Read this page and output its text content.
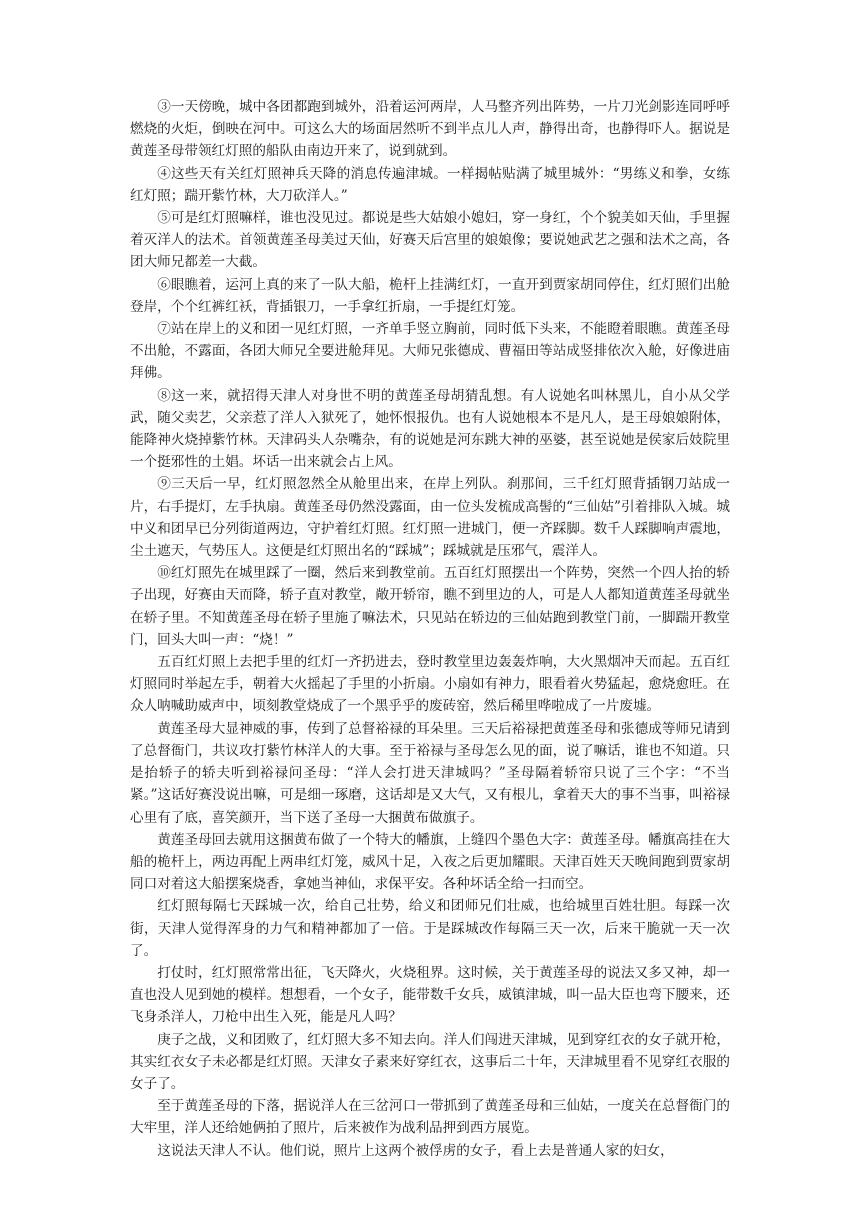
③一天傍晚，城中各团都跑到城外，沿着运河两岸，人马整齐列出阵势，一片刀光剑影连同呼呼燃烧的火炬，倒映在河中。可这么大的场面居然听不到半点儿人声，静得出奇，也静得吓人。据说是黄莲圣母带领红灯照的船队由南边开来了，说到就到。

④这些天有关红灯照神兵天降的消息传遍津城。一样揭帖贴满了城里城外：“男练义和拳，女练红灯照；踹开紫竹林，大刀砍洋人。”

⑤可是红灯照嘛样，谁也没见过。都说是些大姑娘小媳妇，穿一身红，个个貌美如天仙，手里握着灭洋人的法术。首领黄莲圣母美过天仙，好赛天后宫里的娘娘像；要说她武艺之强和法术之高，各团大师兄都差一大截。

⑥眼瞧着，运河上真的来了一队大船，桅杆上挂满红灯，一直开到贾家胡同停住，红灯照们出舱登岸，个个红裤红袄，背插银刀，一手拿红折扇，一手提红灯笼。

⑦站在岸上的义和团一见红灯照，一齐单手竖立胸前，同时低下头来，不能瞪着眼瞧。黄莲圣母不出舱，不露面，各团大师兄全要进舱拜见。大师兄张德成、曹福田等站成竖排依次入舱，好像进庙拜佛。

⑧这一来，就招得天津人对身世不明的黄莲圣母胡猜乱想。有人说她名叫林黑儿，自小从父学武，随父卖艺，父亲惹了洋人入狱死了，她怀恨报仇。也有人说她根本不是凡人，是王母娘娘附体，能降神火烧掉紫竹林。天津码头人杂嘴杂，有的说她是河东跳大神的巫婆，甚至说她是侯家后妓院里一个挺邪性的土娼。坏话一出来就会占上风。

⑨三天后一早，红灯照忽然全从舱里出来，在岸上列队。刹那间，三千红灯照背插钢刀站成一片，右手提灯，左手执扇。黄莲圣母仍然没露面，由一位头发梳成高髻的“三仙姑”引着排队入城。城中义和团早已分列街道两边，守护着红灯照。红灯照一进城门，便一齐踩脚。数千人踩脚响声震地，尘土遮天，气势压人。这便是红灯照出名的“踩城”；踩城就是压邪气，震洋人。

⑩红灯照先在城里踩了一圈，然后来到教堂前。五百红灯照摆出一个阵势，突然一个四人抬的轿子出现，好赛由天而降，轿子直对教堂，敞开轿帘，瞧不到里边的人，可是人人都知道黄莲圣母就坐在轿子里。不知黄莲圣母在轿子里施了嘛法术，只见站在轿边的三仙姑跑到教堂门前，一脚踹开教堂门，回头大叫一声：“烧！”

五百红灯照上去把手里的红灯一齐扔进去，登时教堂里边轰轰炸响，大火黑烟冲天而起。五百红灯照同时举起左手，朝着大火摇起了手里的小折扇。小扇如有神力，眼看着火势猛起，愈烧愈旺。在众人呐喊助威声中，顷刻教堂烧成了一个黑乎乎的废砖窑，然后稀里哗啦成了一片废墟。

黄莲圣母大显神威的事，传到了总督裕禄的耳朵里。三天后裕禄把黄莲圣母和张德成等师兄请到了总督衙门，共议攻打紫竹林洋人的大事。至于裕禄与圣母怎么见的面，说了嘛话，谁也不知道。只是抬轿子的轿夫听到裕禄问圣母：“洋人会打进天津城吗？”圣母隔着轿帘只说了三个字：“不当紧。”这话好赛没说出嘛，可是细一琢磨，这话却是又大气，又有根儿，拿着天大的事不当事，叫裕禄心里有了底，喜笑颜开，当下送了圣母一大捆黄布做旗子。

黄莲圣母回去就用这捆黄布做了一个特大的幡旗，上缝四个墨色大字：黄莲圣母。幡旗高挂在大船的桅杆上，两边再配上两串红灯笼，威风十足，入夜之后更加耀眼。天津百姓天天晚间跑到贾家胡同口对着这大船摆案烧香，拿她当神仙，求保平安。各种坏话全给一扫而空。

红灯照每隔七天踩城一次，给自己壮势，给义和团师兄们壮威，也给城里百姓壮胆。每踩一次街，天津人觉得浑身的力气和精神都加了一倍。于是踩城改作每隔三天一次，后来干脆就一天一次了。

打仗时，红灯照常常出征，飞天降火，火烧租界。这时候，关于黄莲圣母的说法又多又神，却一直也没人见到她的模样。想想看，一个女子，能带数千女兵，威镇津城，叫一品大臣也弯下腰来，还飞身杀洋人，刀枪中出生入死，能是凡人吗？

庚子之战，义和团败了，红灯照大多不知去向。洋人们闯进天津城，见到穿红衣的女子就开枪，其实红衣女子未必都是红灯照。天津女子素来好穿红衣，这事后二十年，天津城里看不见穿红衣服的女子了。

至于黄莲圣母的下落，据说洋人在三岔河口一带抓到了黄莲圣母和三仙姑，一度关在总督衙门的大牢里，洋人还给她俩拍了照片，后来被作为战利品押到西方展览。

这说法天津人不认。他们说，照片上这两个被俘虏的女子，看上去是普通人家的妇女，
